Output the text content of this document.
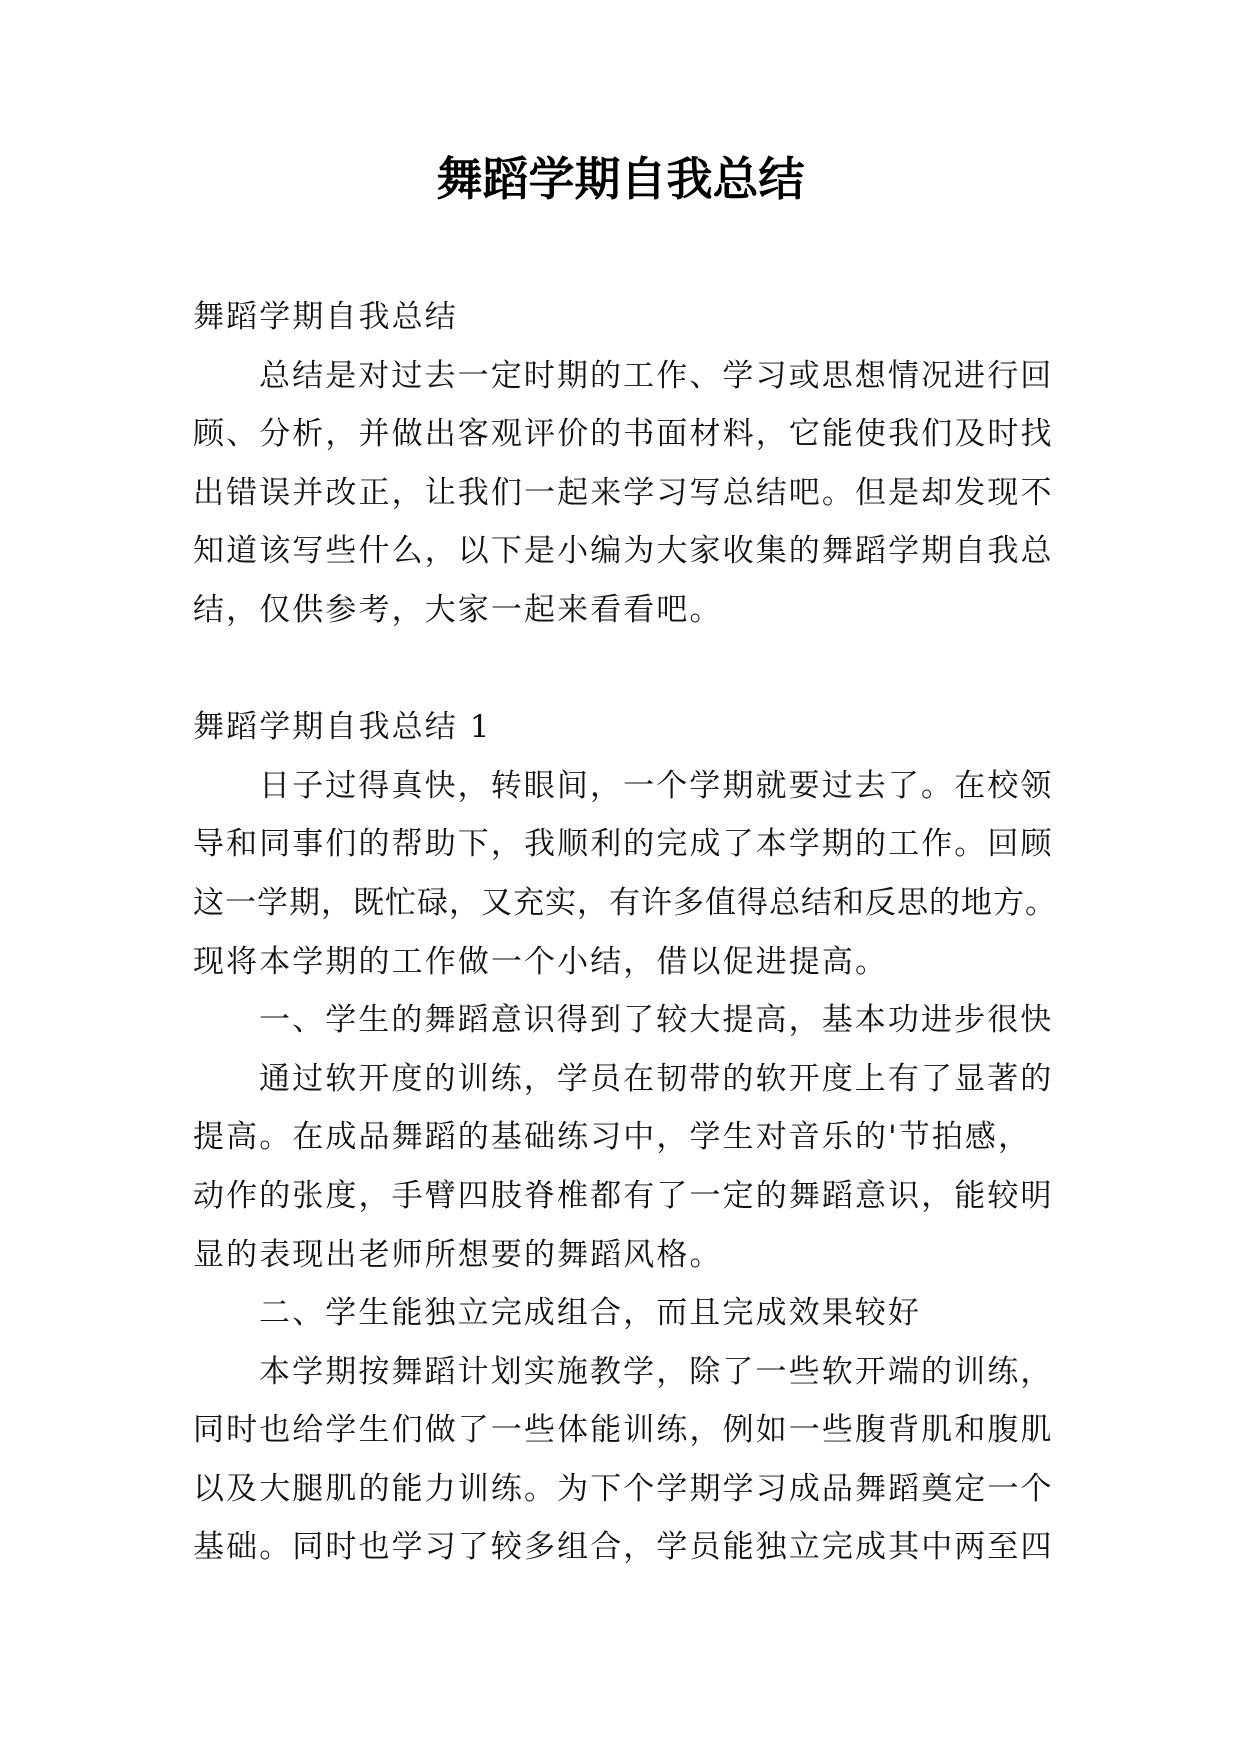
舞蹈学期自我总结
舞蹈学期自我总结
总结是对过去一定时期的工作、学习或思想情况进行回
顾、分析，并做出客观评价的书面材料，它能使我们及时找
出错误并改正，让我们一起来学习写总结吧。但是却发现不
知道该写些什么，以下是小编为大家收集的舞蹈学期自我总
结，仅供参考，大家一起来看看吧。
舞蹈学期自我总结 1
日子过得真快，转眼间，一个学期就要过去了。在校领
导和同事们的帮助下，我顺利的完成了本学期的工作。回顾
这一学期，既忙碌，又充实，有许多值得总结和反思的地方。
现将本学期的工作做一个小结，借以促进提高。
一、学生的舞蹈意识得到了较大提高，基本功进步很快
通过软开度的训练，学员在韧带的软开度上有了显著的
提高。在成品舞蹈的基础练习中，学生对音乐的'节拍感，
动作的张度，手臂四肢脊椎都有了一定的舞蹈意识，能较明
显的表现出老师所想要的舞蹈风格。
二、学生能独立完成组合，而且完成效果较好
本学期按舞蹈计划实施教学，除了一些软开端的训练，
同时也给学生们做了一些体能训练，例如一些腹背肌和腹肌
以及大腿肌的能力训练。为下个学期学习成品舞蹈奠定一个
基础。同时也学习了较多组合，学员能独立完成其中两至四
